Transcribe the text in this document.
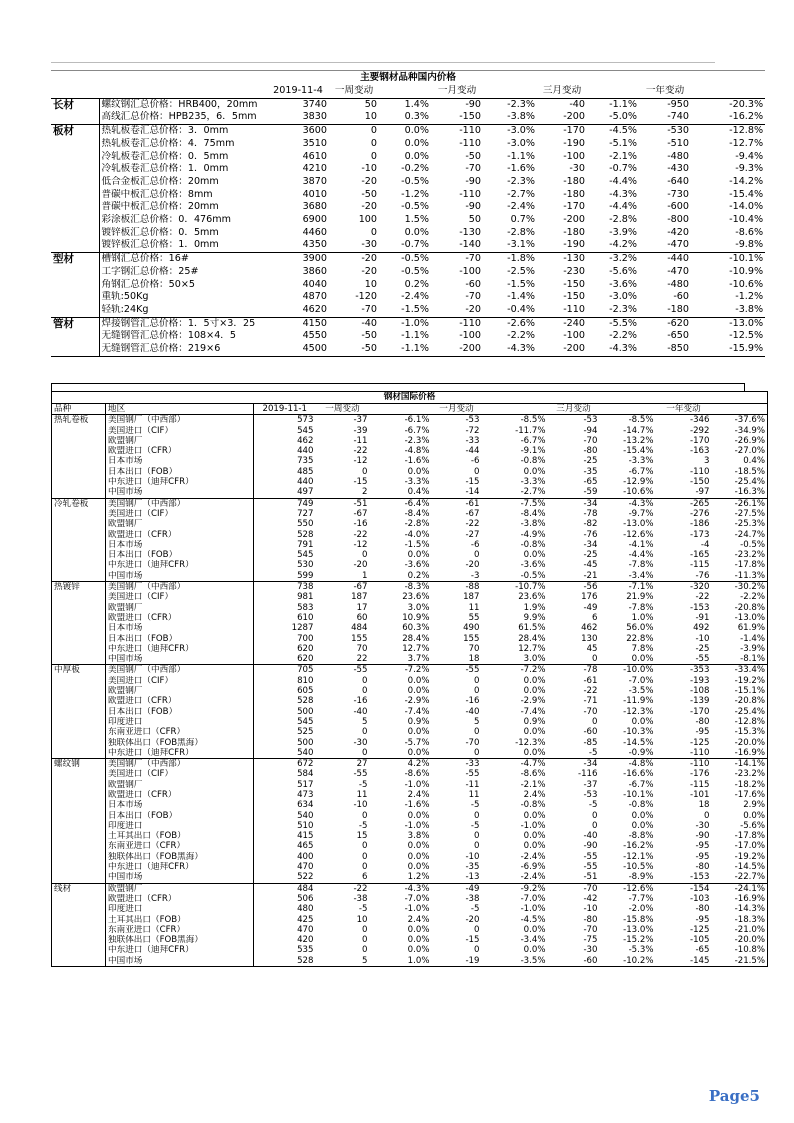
主要钢材品种国内价格										
		2019-11-4	一周变动		一月变动		三月变动		一年变动	
长材	螺纹钢汇总价格：HRB400，20mm	3740	50	1.4%	-90	-2.3%	-40	-1.1%	-950	-20.3%
	高线汇总价格：HPB235，6．5mm	3830	10	0.3%	-150	-3.8%	-200	-5.0%	-740	-16.2%
板材	热轧板卷汇总价格：3．0mm	3600	0	0.0%	-110	-3.0%	-170	-4.5%	-530	-12.8%
	热轧板卷汇总价格：4．75mm	3510	0	0.0%	-110	-3.0%	-190	-5.1%	-510	-12.7%
	冷轧板卷汇总价格：0．5mm	4610	0	0.0%	-50	-1.1%	-100	-2.1%	-480	-9.4%
	冷轧板卷汇总价格：1．0mm	4210	-10	-0.2%	-70	-1.6%	-30	-0.7%	-430	-9.3%
	低合金板汇总价格：20mm	3870	-20	-0.5%	-90	-2.3%	-180	-4.4%	-640	-14.2%
	普碳中板汇总价格：8mm	4010	-50	-1.2%	-110	-2.7%	-180	-4.3%	-730	-15.4%
	普碳中板汇总价格：20mm	3680	-20	-0.5%	-90	-2.4%	-170	-4.4%	-600	-14.0%
	彩涂板汇总价格：0．476mm	6900	100	1.5%	50	0.7%	-200	-2.8%	-800	-10.4%
	镀锌板汇总价格：0．5mm	4460	0	0.0%	-130	-2.8%	-180	-3.9%	-420	-8.6%
	镀锌板汇总价格：1．0mm	4350	-30	-0.7%	-140	-3.1%	-190	-4.2%	-470	-9.8%
型材	槽钢汇总价格：16#	3900	-20	-0.5%	-70	-1.8%	-130	-3.2%	-440	-10.1%
	工字钢汇总价格：25#	3860	-20	-0.5%	-100	-2.5%	-230	-5.6%	-470	-10.9%
	角钢汇总价格：50×5	4040	10	0.2%	-60	-1.5%	-150	-3.6%	-480	-10.6%
	重轨:50Kg	4870	-120	-2.4%	-70	-1.4%	-150	-3.0%	-60	-1.2%
	轻轨:24Kg	4620	-70	-1.5%	-20	-0.4%	-110	-2.3%	-180	-3.8%
管材	焊接钢管汇总价格：1．5寸×3．25	4150	-40	-1.0%	-110	-2.6%	-240	-5.5%	-620	-13.0%
	无缝钢管汇总价格：108×4．5	4550	-50	-1.1%	-100	-2.2%	-100	-2.2%	-650	-12.5%
	无缝钢管汇总价格：219×6	4500	-50	-1.1%	-200	-4.3%	-200	-4.3%	-850	-15.9%
钢材国际价格										
品种	地区	2019-11-1	一周变动		一月变动		三月变动		一年变动	
热轧卷板	美国钢厂（中西部）	573	-37	-6.1%	-53	-8.5%	-53	-8.5%	-346	-37.6%
	美国进口（CIF）	545	-39	-6.7%	-72	-11.7%	-94	-14.7%	-292	-34.9%
	欧盟钢厂	462	-11	-2.3%	-33	-6.7%	-70	-13.2%	-170	-26.9%
	欧盟进口（CFR）	440	-22	-4.8%	-44	-9.1%	-80	-15.4%	-163	-27.0%
	日本市场	735	-12	-1.6%	-6	-0.8%	-25	-3.3%	3	0.4%
	日本出口（FOB）	485	0	0.0%	0	0.0%	-35	-6.7%	-110	-18.5%
	中东进口（迪拜CFR）	440	-15	-3.3%	-15	-3.3%	-65	-12.9%	-150	-25.4%
	中国市场	497	2	0.4%	-14	-2.7%	-59	-10.6%	-97	-16.3%
冷轧卷板	美国钢厂（中西部）	749	-51	-6.4%	-61	-7.5%	-34	-4.3%	-265	-26.1%
	美国进口（CIF）	727	-67	-8.4%	-67	-8.4%	-78	-9.7%	-276	-27.5%
	欧盟钢厂	550	-16	-2.8%	-22	-3.8%	-82	-13.0%	-186	-25.3%
	欧盟进口（CFR）	528	-22	-4.0%	-27	-4.9%	-76	-12.6%	-173	-24.7%
	日本市场	791	-12	-1.5%	-6	-0.8%	-34	-4.1%	-4	-0.5%
	日本出口（FOB）	545	0	0.0%	0	0.0%	-25	-4.4%	-165	-23.2%
	中东进口（迪拜CFR）	530	-20	-3.6%	-20	-3.6%	-45	-7.8%	-115	-17.8%
	中国市场	599	1	0.2%	-3	-0.5%	-21	-3.4%	-76	-11.3%
热镀锌	美国钢厂（中西部）	738	-67	-8.3%	-88	-10.7%	-56	-7.1%	-320	-30.2%
	美国进口（CIF）	981	187	23.6%	187	23.6%	176	21.9%	-22	-2.2%
	欧盟钢厂	583	17	3.0%	11	1.9%	-49	-7.8%	-153	-20.8%
	欧盟进口（CFR）	610	60	10.9%	55	9.9%	6	1.0%	-91	-13.0%
	日本市场	1287	484	60.3%	490	61.5%	462	56.0%	492	61.9%
	日本出口（FOB）	700	155	28.4%	155	28.4%	130	22.8%	-10	-1.4%
	中东进口（迪拜CFR）	620	70	12.7%	70	12.7%	45	7.8%	-25	-3.9%
	中国市场	620	22	3.7%	18	3.0%	0	0.0%	-55	-8.1%
中厚板	美国钢厂（中西部）	705	-55	-7.2%	-55	-7.2%	-78	-10.0%	-353	-33.4%
	美国进口（CIF）	810	0	0.0%	0	0.0%	-61	-7.0%	-193	-19.2%
	欧盟钢厂	605	0	0.0%	0	0.0%	-22	-3.5%	-108	-15.1%
	欧盟进口（CFR）	528	-16	-2.9%	-16	-2.9%	-71	-11.9%	-139	-20.8%
	日本出口（FOB）	500	-40	-7.4%	-40	-7.4%	-70	-12.3%	-170	-25.4%
	印度进口	545	5	0.9%	5	0.9%	0	0.0%	-80	-12.8%
	东南亚进口（CFR）	525	0	0.0%	0	0.0%	-60	-10.3%	-95	-15.3%
	独联体出口（FOB黑海）	500	-30	-5.7%	-70	-12.3%	-85	-14.5%	-125	-20.0%
	中东进口（迪拜CFR）	540	0	0.0%	0	0.0%	-5	-0.9%	-110	-16.9%
螺纹钢	美国钢厂（中西部）	672	27	4.2%	-33	-4.7%	-34	-4.8%	-110	-14.1%
	美国进口（CIF）	584	-55	-8.6%	-55	-8.6%	-116	-16.6%	-176	-23.2%
	欧盟钢厂	517	-5	-1.0%	-11	-2.1%	-37	-6.7%	-115	-18.2%
	欧盟进口（CFR）	473	11	2.4%	11	2.4%	-53	-10.1%	-101	-17.6%
	日本市场	634	-10	-1.6%	-5	-0.8%	-5	-0.8%	18	2.9%
	日本出口（FOB）	540	0	0.0%	0	0.0%	0	0.0%	0	0.0%
	印度进口	510	-5	-1.0%	-5	-1.0%	0	0.0%	-30	-5.6%
	土耳其出口（FOB）	415	15	3.8%	0	0.0%	-40	-8.8%	-90	-17.8%
	东南亚进口（CFR）	465	0	0.0%	0	0.0%	-90	-16.2%	-95	-17.0%
	独联体出口（FOB黑海）	400	0	0.0%	-10	-2.4%	-55	-12.1%	-95	-19.2%
	中东进口（迪拜CFR）	470	0	0.0%	-35	-6.9%	-55	-10.5%	-80	-14.5%
	中国市场	522	6	1.2%	-13	-2.4%	-51	-8.9%	-153	-22.7%
线材	欧盟钢厂	484	-22	-4.3%	-49	-9.2%	-70	-12.6%	-154	-24.1%
	欧盟进口（CFR）	506	-38	-7.0%	-38	-7.0%	-42	-7.7%	-103	-16.9%
	印度进口	480	-5	-1.0%	-5	-1.0%	-10	-2.0%	-80	-14.3%
	土耳其出口（FOB）	425	10	2.4%	-20	-4.5%	-80	-15.8%	-95	-18.3%
	东南亚进口（CFR）	470	0	0.0%	0	0.0%	-70	-13.0%	-125	-21.0%
	独联体出口（FOB黑海）	420	0	0.0%	-15	-3.4%	-75	-15.2%	-105	-20.0%
	中东进口（迪拜CFR）	535	0	0.0%	0	0.0%	-30	-5.3%	-65	-10.8%
	中国市场	528	5	1.0%	-19	-3.5%	-60	-10.2%	-145	-21.5%
Page5
